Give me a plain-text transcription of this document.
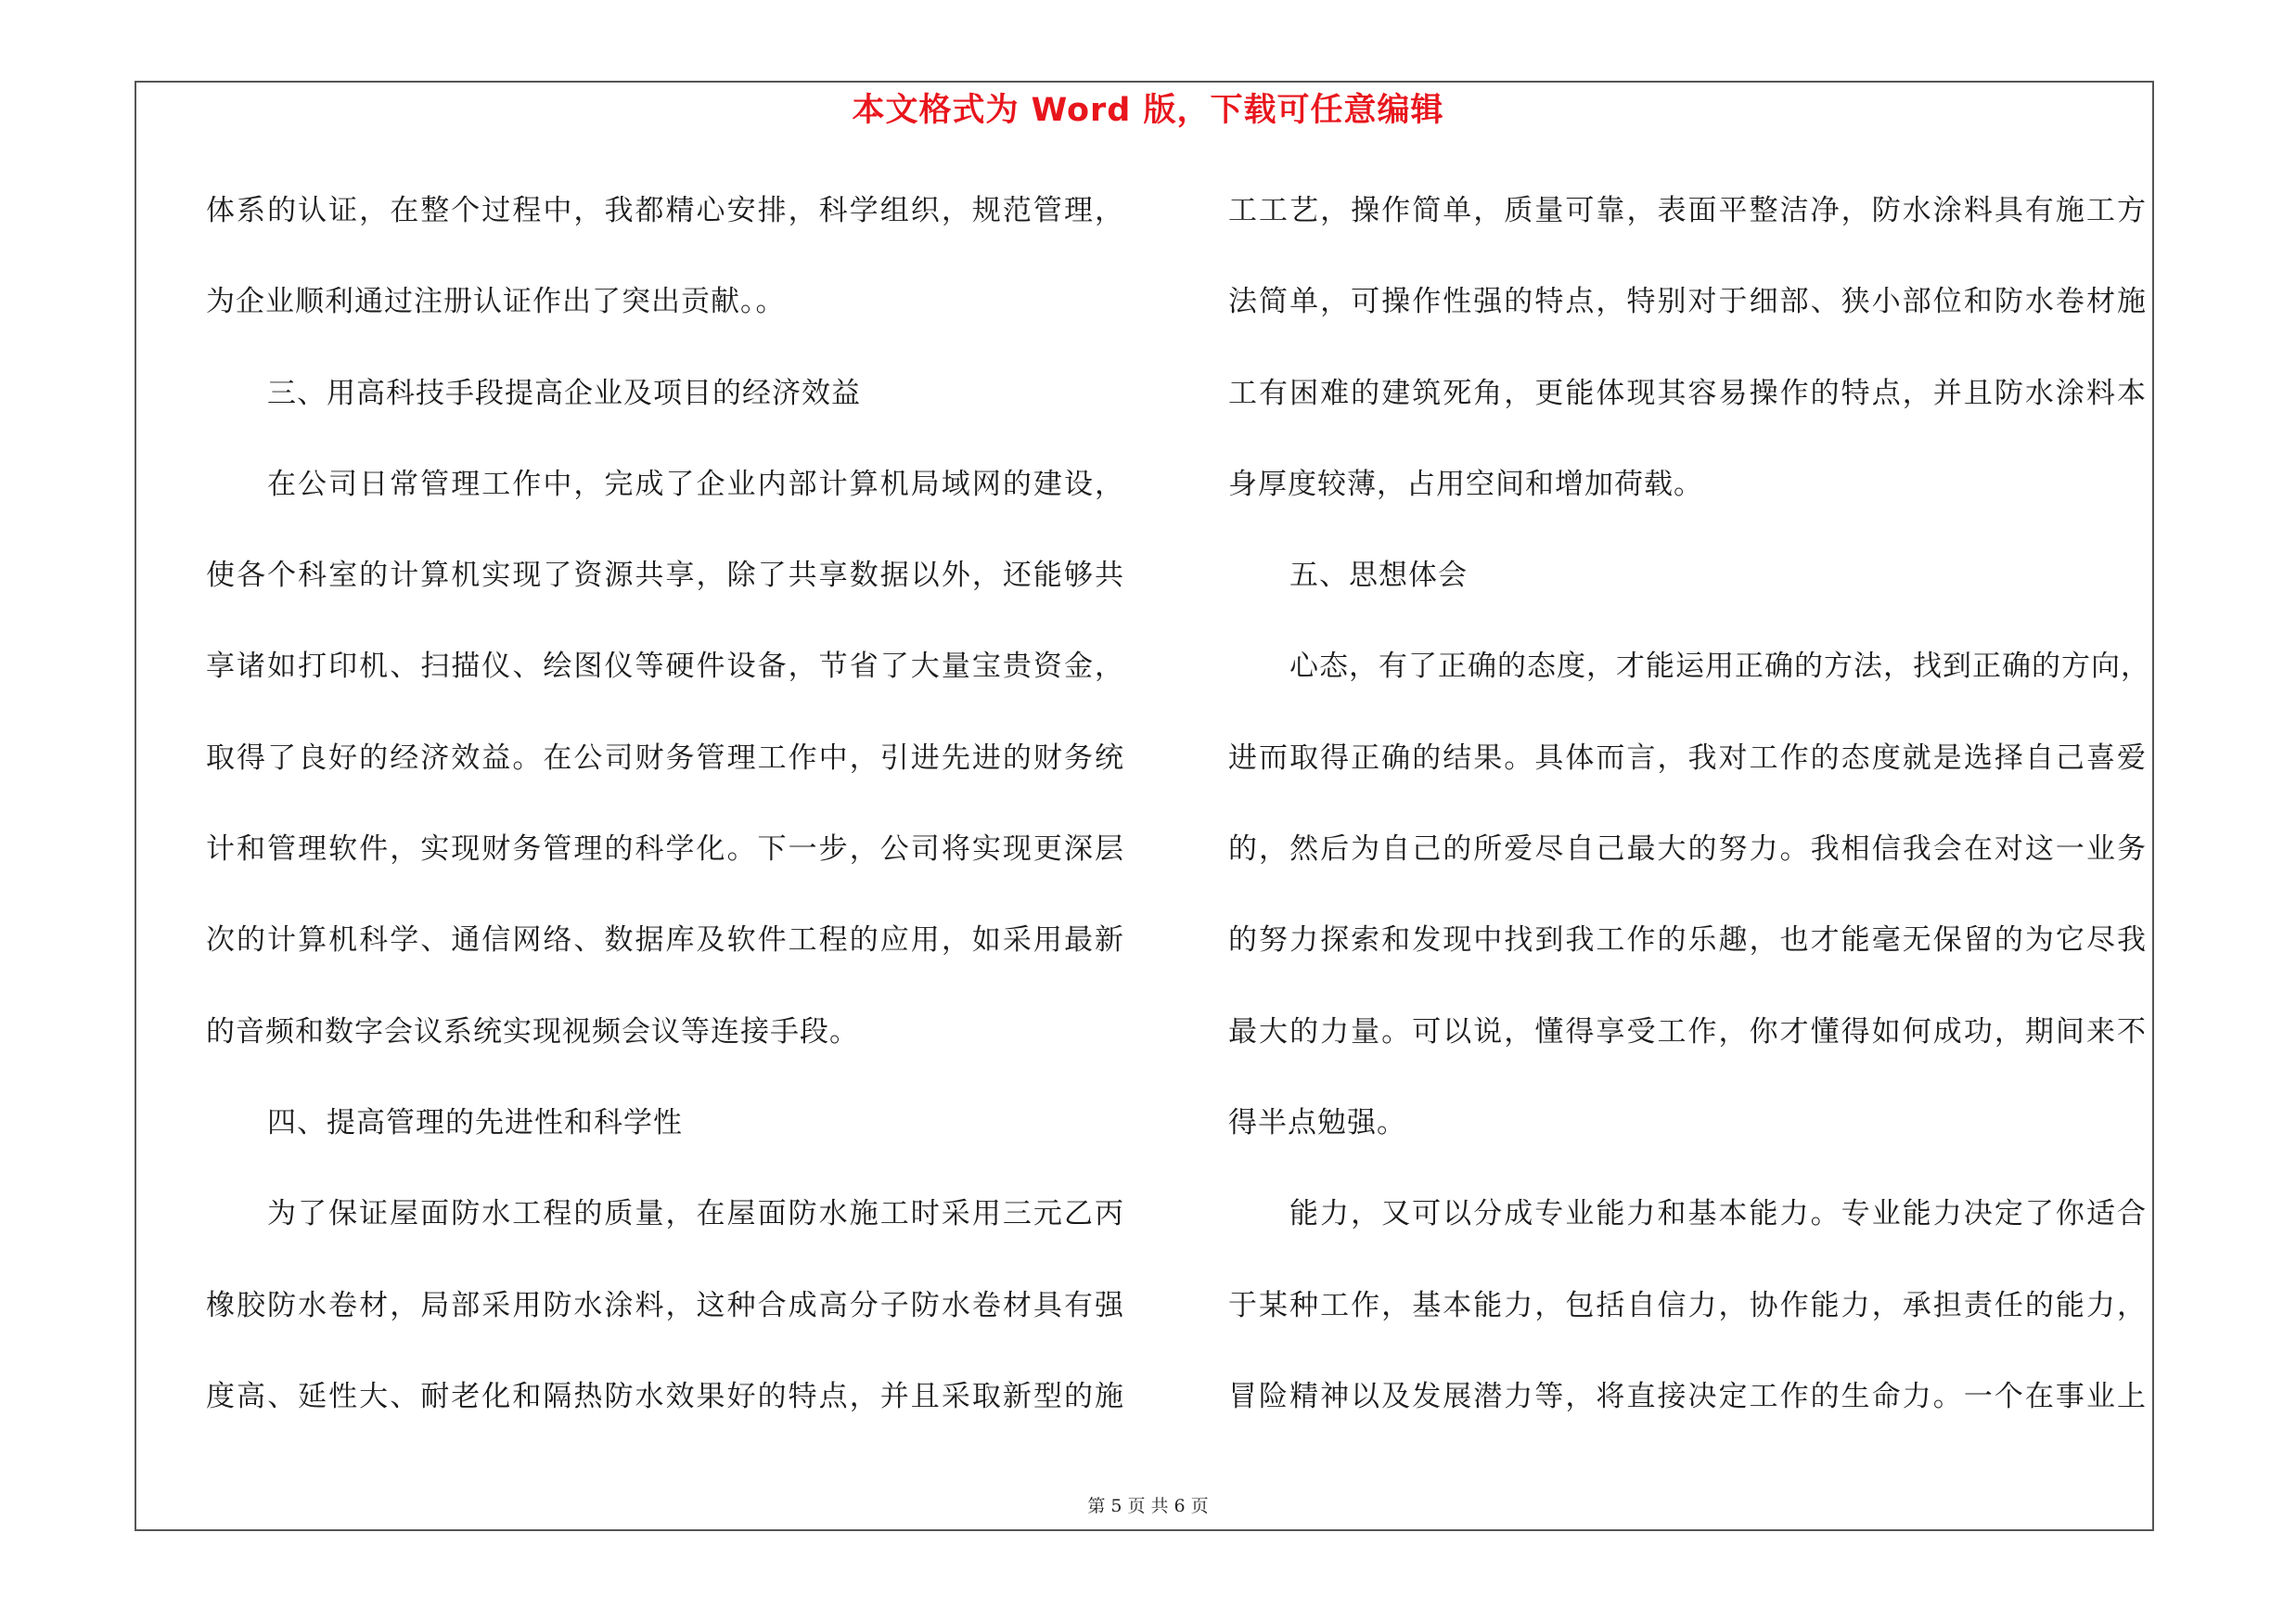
本文格式为 Word 版，下载可任意编辑
体系的认证，在整个过程中，我都精心安排，科学组织，规范管理，
为企业顺利通过注册认证作出了突出贡献。。
三、用高科技手段提高企业及项目的经济效益
在公司日常管理工作中，完成了企业内部计算机局域网的建设，
使各个科室的计算机实现了资源共享，除了共享数据以外，还能够共
享诸如打印机、扫描仪、绘图仪等硬件设备，节省了大量宝贵资金，
取得了良好的经济效益。在公司财务管理工作中，引进先进的财务统
计和管理软件，实现财务管理的科学化。下一步，公司将实现更深层
次的计算机科学、通信网络、数据库及软件工程的应用，如采用最新
的音频和数字会议系统实现视频会议等连接手段。
四、提高管理的先进性和科学性
为了保证屋面防水工程的质量，在屋面防水施工时采用三元乙丙
橡胶防水卷材，局部采用防水涂料，这种合成高分子防水卷材具有强
度高、延性大、耐老化和隔热防水效果好的特点，并且采取新型的施
工工艺，操作简单，质量可靠，表面平整洁净，防水涂料具有施工方
法简单，可操作性强的特点，特别对于细部、狭小部位和防水卷材施
工有困难的建筑死角，更能体现其容易操作的特点，并且防水涂料本
身厚度较薄，占用空间和增加荷载。
五、思想体会
心态，有了正确的态度，才能运用正确的方法，找到正确的方向，
进而取得正确的结果。具体而言，我对工作的态度就是选择自己喜爱
的，然后为自己的所爱尽自己最大的努力。我相信我会在对这一业务
的努力探索和发现中找到我工作的乐趣，也才能毫无保留的为它尽我
最大的力量。可以说，懂得享受工作，你才懂得如何成功，期间来不
得半点勉强。
能力，又可以分成专业能力和基本能力。专业能力决定了你适合
于某种工作，基本能力，包括自信力，协作能力，承担责任的能力，
冒险精神以及发展潜力等，将直接决定工作的生命力。一个在事业上
第 5 页 共 6 页
